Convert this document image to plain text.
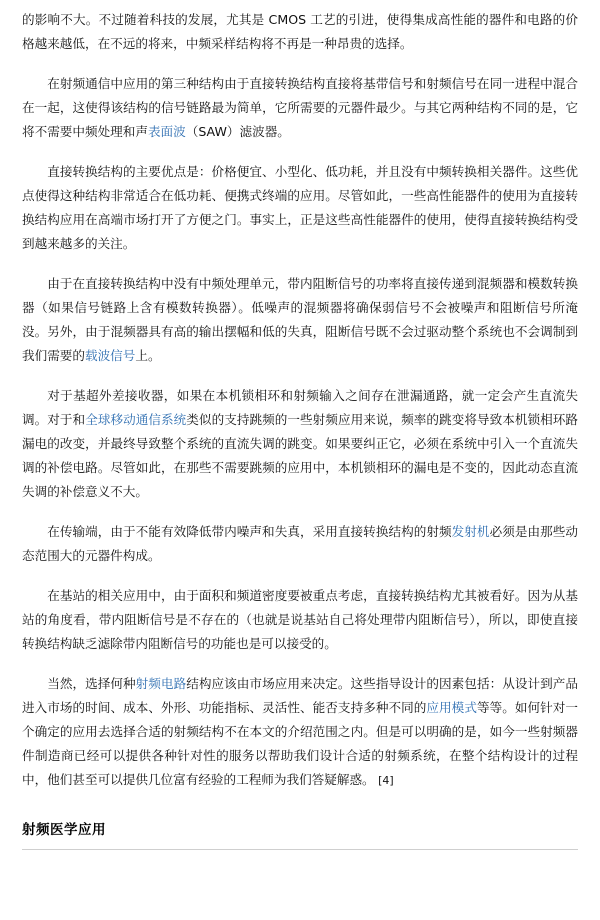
的影响不大。不过随着科技的发展，尤其是 CMOS 工艺的引进，使得集成高性能的器件和电路的价格越来越低，在不远的将来，中频采样结构将不再是一种昂贵的选择。

在射频通信中应用的第三种结构由于直接转换结构直接将基带信号和射频信号在同一进程中混合在一起，这使得该结构的信号链路最为简单，它所需要的元器件最少。与其它两种结构不同的是，它将不需要中频处理和声表面波（SAW）滤波器。

直接转换结构的主要优点是：价格便宜、小型化、低功耗，并且没有中频转换相关器件。这些优点使得这种结构非常适合在低功耗、便携式终端的应用。尽管如此，一些高性能器件的使用为直接转换结构应用在高端市场打开了方便之门。事实上，正是这些高性能器件的使用，使得直接转换结构受到越来越多的关注。

由于在直接转换结构中没有中频处理单元，带内阻断信号的功率将直接传递到混频器和模数转换器（如果信号链路上含有模数转换器）。低噪声的混频器将确保弱信号不会被噪声和阻断信号所淹没。另外，由于混频器具有高的输出摆幅和低的失真，阻断信号既不会过驱动整个系统也不会调制到我们需要的载波信号上。

对于基超外差接收器，如果在本机锁相环和射频输入之间存在泄漏通路，就一定会产生直流失调。对于和全球移动通信系统类似的支持跳频的一些射频应用来说，频率的跳变将导致本机锁相环路漏电的改变，并最终导致整个系统的直流失调的跳变。如果要纠正它，必须在系统中引入一个直流失调的补偿电路。尽管如此，在那些不需要跳频的应用中，本机锁相环的漏电是不变的，因此动态直流失调的补偿意义不大。

在传输端，由于不能有效降低带内噪声和失真，采用直接转换结构的射频发射机必须是由那些动态范围大的元器件构成。

在基站的相关应用中，由于面积和频道密度要被重点考虑，直接转换结构尤其被看好。因为从基站的角度看，带内阻断信号是不存在的（也就是说基站自己将处理带内阻断信号），所以，即使直接转换结构缺乏滤除带内阻断信号的功能也是可以接受的。

当然，选择何种射频电路结构应该由市场应用来决定。这些指导设计的因素包括：从设计到产品进入市场的时间、成本、外形、功能指标、灵活性、能否支持多种不同的应用模式等等。如何针对一个确定的应用去选择合适的射频结构不在本文的介绍范围之内。但是可以明确的是，如今一些射频器件制造商已经可以提供各种针对性的服务以帮助我们设计合适的射频系统，在整个结构设计的过程中，他们甚至可以提供几位富有经验的工程师为我们答疑解惑。 [4]

射频医学应用
